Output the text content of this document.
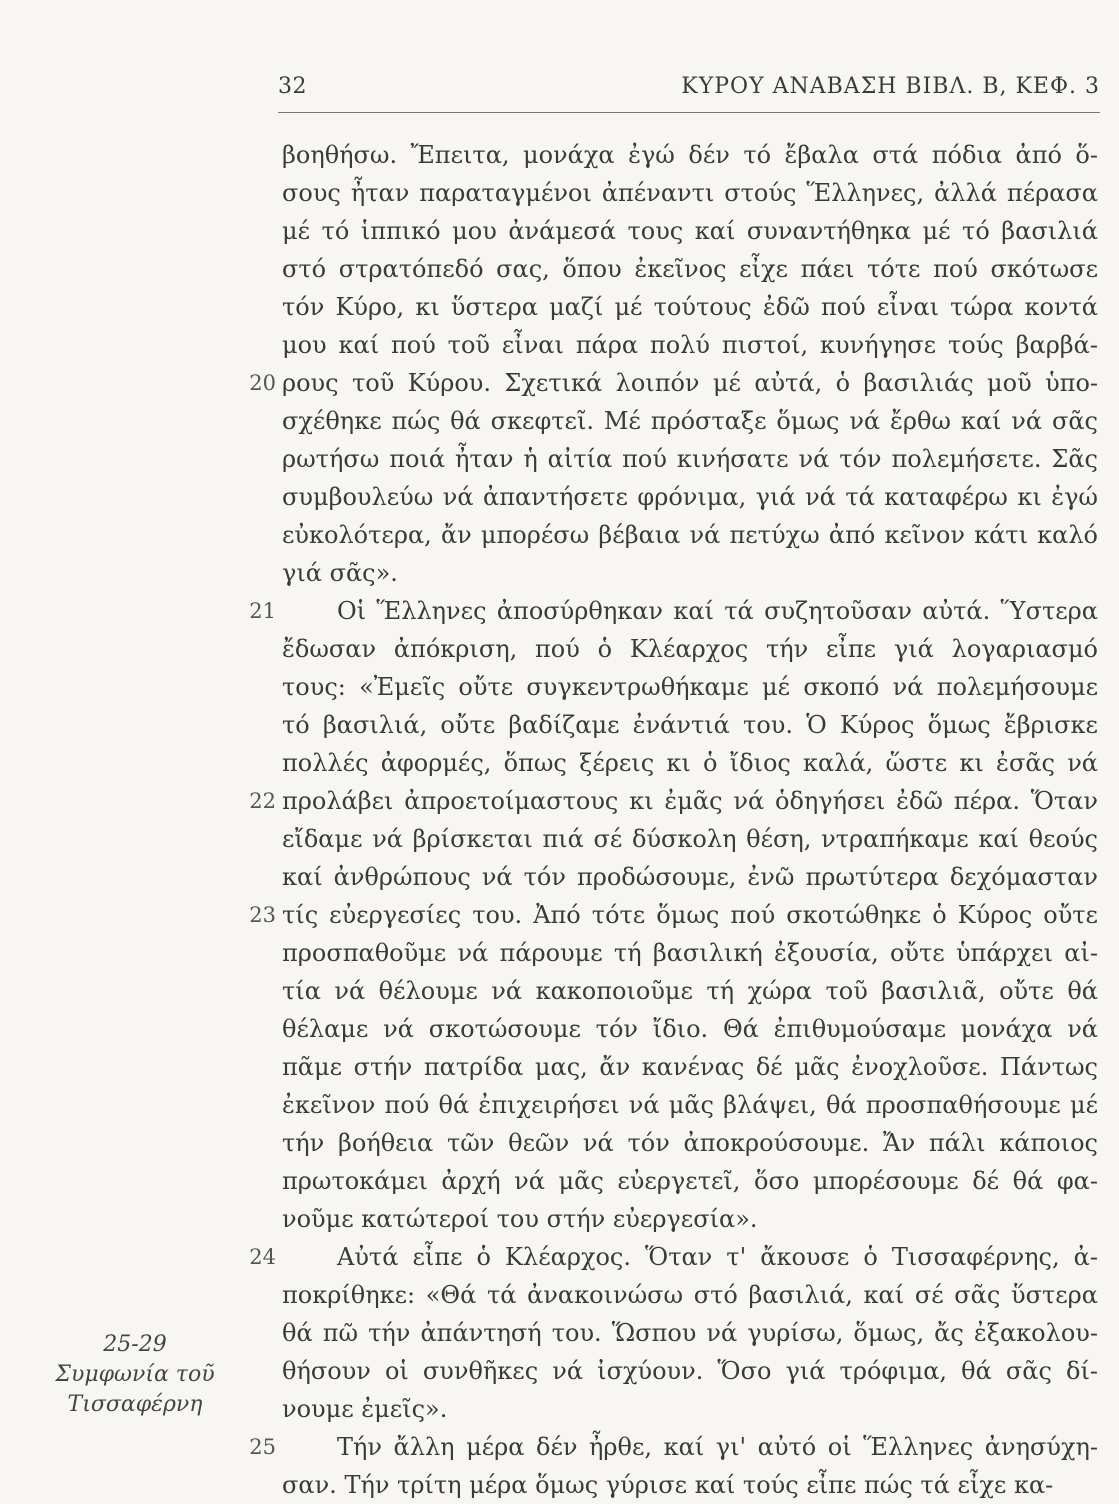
32	ΚΥΡΟΥ ΑΝΑΒΑΣΗ ΒΙΒΛ. Β, ΚΕΦ. 3
βοηθήσω. Ἔπειτα, μονάχα ἐγώ δέν τό ἔβαλα στά πόδια ἀπό ὅ-
σους ἦταν παραταγμένοι ἀπέναντι στούς Ἕλληνες, ἀλλά πέρασα
μέ τό ἱππικό μου ἀνάμεσά τους καί συναντήθηκα μέ τό βασιλιά
στό στρατόπεδό σας, ὅπου ἐκεῖνος εἶχε πάει τότε πού σκότωσε
τόν Κύρο, κι ὕστερα μαζί μέ τούτους ἐδῶ πού εἶναι τώρα κοντά
μου καί πού τοῦ εἶναι πάρα πολύ πιστοί, κυνήγησε τούς βαρβά-
20 ρους τοῦ Κύρου. Σχετικά λοιπόν μέ αὐτά, ὁ βασιλιάς μοῦ ὑπο-
σχέθηκε πώς θά σκεφτεῖ. Μέ πρόσταξε ὅμως νά ἔρθω καί νά σᾶς
ρωτήσω ποιά ἦταν ἡ αἰτία πού κινήσατε νά τόν πολεμήσετε. Σᾶς
συμβουλεύω νά ἀπαντήσετε φρόνιμα, γιά νά τά καταφέρω κι ἐγώ
εὐκολότερα, ἄν μπορέσω βέβαια νά πετύχω ἀπό κεῖνον κάτι καλό
γιά σᾶς».
21	Οἱ Ἕλληνες ἀποσύρθηκαν καί τά συζητοῦσαν αὐτά. Ὕστερα
ἔδωσαν ἀπόκριση, πού ὁ Κλέαρχος τήν εἶπε γιά λογαριασμό
τους: «Ἐμεῖς οὔτε συγκεντρωθήκαμε μέ σκοπό νά πολεμήσουμε
τό βασιλιά, οὔτε βαδίζαμε ἐνάντιά του. Ὁ Κύρος ὅμως ἔβρισκε
πολλές ἀφορμές, ὅπως ξέρεις κι ὁ ἴδιος καλά, ὥστε κι ἐσᾶς νά
22 προλάβει ἀπροετοίμαστους κι ἐμᾶς νά ὁδηγήσει ἐδῶ πέρα. Ὅταν
εἴδαμε νά βρίσκεται πιά σέ δύσκολη θέση, ντραπήκαμε καί θεούς
καί ἀνθρώπους νά τόν προδώσουμε, ἐνῶ πρωτύτερα δεχόμασταν
23 τίς εὐεργεσίες του. Ἀπό τότε ὅμως πού σκοτώθηκε ὁ Κύρος οὔτε
προσπαθοῦμε νά πάρουμε τή βασιλική ἐξουσία, οὔτε ὑπάρχει αἰ-
τία νά θέλουμε νά κακοποιοῦμε τή χώρα τοῦ βασιλιᾶ, οὔτε θά
θέλαμε νά σκοτώσουμε τόν ἴδιο. Θά ἐπιθυμούσαμε μονάχα νά
πᾶμε στήν πατρίδα μας, ἄν κανένας δέ μᾶς ἐνοχλοῦσε. Πάντως
ἐκεῖνον πού θά ἐπιχειρήσει νά μᾶς βλάψει, θά προσπαθήσουμε μέ
τήν βοήθεια τῶν θεῶν νά τόν ἀποκρούσουμε. Ἄν πάλι κάποιος
πρωτοκάμει ἀρχή νά μᾶς εὐεργετεῖ, ὅσο μπορέσουμε δέ θά φα-
νοῦμε κατώτεροί του στήν εὐεργεσία».
24	Αὐτά εἶπε ὁ Κλέαρχος. Ὅταν τ' ἄκουσε ὁ Τισσαφέρνης, ἀ-
ποκρίθηκε: «Θά τά ἀνακοινώσω στό βασιλιά, καί σέ σᾶς ὕστερα
θά πῶ τήν ἀπάντησή του. Ὥσπου νά γυρίσω, ὅμως, ἄς ἐξακολου-
θήσουν οἱ συνθῆκες νά ἰσχύουν. Ὅσο γιά τρόφιμα, θά σᾶς δί-
νουμε ἐμεῖς».
25	Τήν ἄλλη μέρα δέν ἦρθε, καί γι' αὐτό οἱ Ἕλληνες ἀνησύχη-
σαν. Τήν τρίτη μέρα ὅμως γύρισε καί τούς εἶπε πώς τά εἶχε κα-
25-29
Συμφωνία τοῦ
Τισσαφέρνη
